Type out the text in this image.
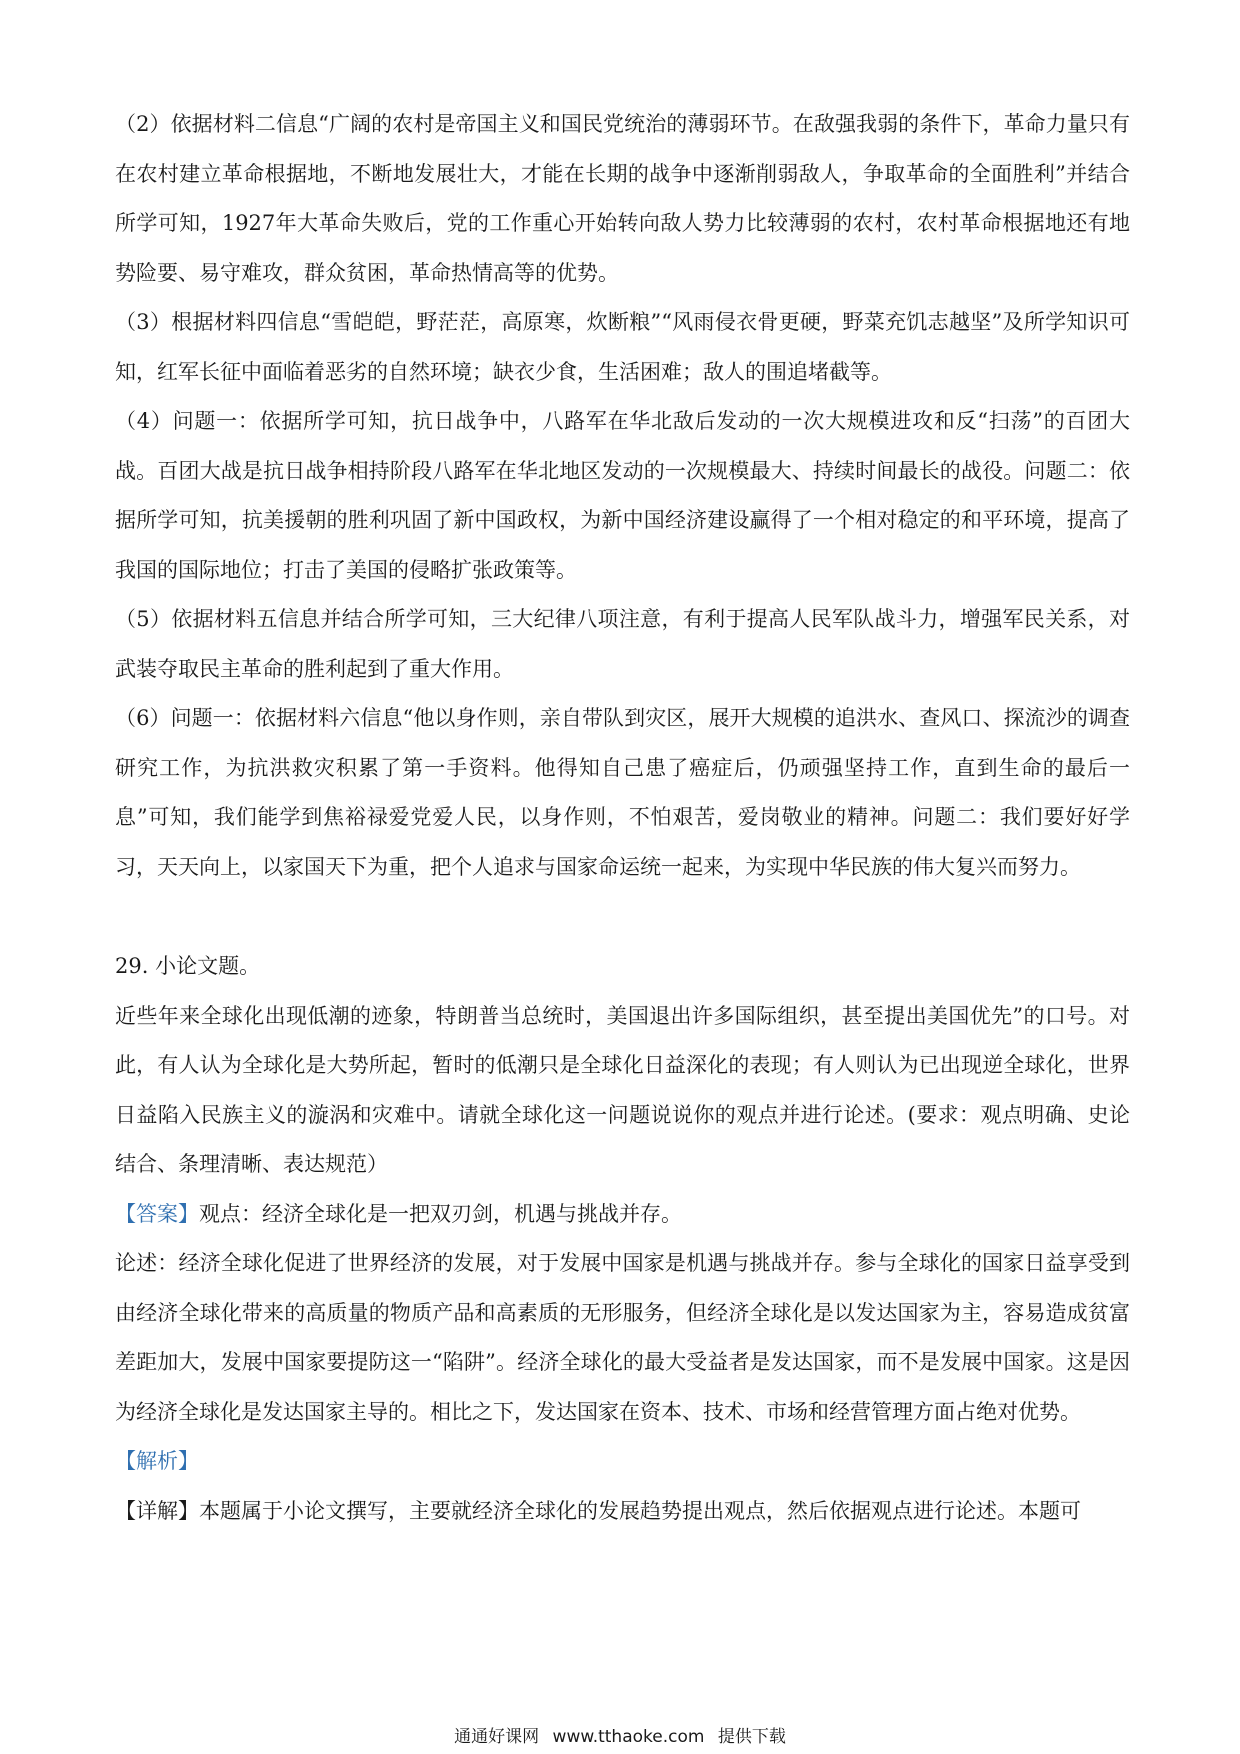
（2）依据材料二信息“广阔的农村是帝国主义和国民党统治的薄弱环节。在敌强我弱的条件下，革命力量只有在农村建立革命根据地，不断地发展壮大，才能在长期的战争中逐渐削弱敌人，争取革命的全面胜利”并结合所学可知，1927年大革命失败后，党的工作重心开始转向敌人势力比较薄弱的农村，农村革命根据地还有地势险要、易守难攻，群众贫困，革命热情高等的优势。

（3）根据材料四信息“雪皑皑，野茫茫，高原寒，炊断粮”“风雨侵衣骨更硬，野菜充饥志越坚”及所学知识可知，红军长征中面临着恶劣的自然环境；缺衣少食，生活困难；敌人的围追堵截等。

（4）问题一：依据所学可知，抗日战争中，八路军在华北敌后发动的一次大规模进攻和反“扫荡”的百团大战。百团大战是抗日战争相持阶段八路军在华北地区发动的一次规模最大、持续时间最长的战役。问题二：依据所学可知，抗美援朝的胜利巩固了新中国政权，为新中国经济建设赢得了一个相对稳定的和平环境，提高了我国的国际地位；打击了美国的侵略扩张政策等。

（5）依据材料五信息并结合所学可知，三大纪律八项注意，有利于提高人民军队战斗力，增强军民关系，对武装夺取民主革命的胜利起到了重大作用。

（6）问题一：依据材料六信息“他以身作则，亲自带队到灾区，展开大规模的追洪水、查风口、探流沙的调查研究工作，为抗洪救灾积累了第一手资料。他得知自己患了癌症后，仍顽强坚持工作，直到生命的最后一息”可知，我们能学到焦裕禄爱党爱人民，以身作则，不怕艰苦，爱岗敬业的精神。问题二：我们要好好学习，天天向上，以家国天下为重，把个人追求与国家命运统一起来，为实现中华民族的伟大复兴而努力。

29. 小论文题。

近些年来全球化出现低潮的迹象，特朗普当总统时，美国退出许多国际组织，甚至提出美国优先”的口号。对此，有人认为全球化是大势所起，暂时的低潮只是全球化日益深化的表现；有人则认为已出现逆全球化，世界日益陷入民族主义的漩涡和灾难中。请就全球化这一问题说说你的观点并进行论述。(要求：观点明确、史论结合、条理清晰、表达规范）

【答案】观点：经济全球化是一把双刃剑，机遇与挑战并存。

论述：经济全球化促进了世界经济的发展，对于发展中国家是机遇与挑战并存。参与全球化的国家日益享受到由经济全球化带来的高质量的物质产品和高素质的无形服务，但经济全球化是以发达国家为主，容易造成贫富差距加大，发展中国家要提防这一“陷阱”。经济全球化的最大受益者是发达国家，而不是发展中国家。这是因为经济全球化是发达国家主导的。相比之下，发达国家在资本、技术、市场和经营管理方面占绝对优势。

【解析】

【详解】本题属于小论文撰写，主要就经济全球化的发展趋势提出观点，然后依据观点进行论述。本题可

通通好课网 www.tthaoke.com 提供下载
